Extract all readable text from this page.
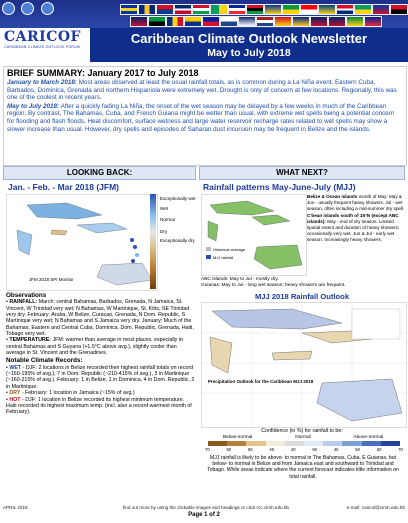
CARICOF
CARIBBEAN CLIMATE OUTLOOK FORUM
Caribbean Climate Outlook Newsletter
May to July 2018
BRIEF SUMMARY: January 2017 to July 2018

January to March 2018: Most areas observed at least the usual rainfall totals, as is common during a La Niña event. Eastern Cuba, Barbados, Dominica, Grenada and northern Hispaniola were extremely wet. Drought is only of concern at few locations. Regionally, this was one of the coolest in recent years.

May to July 2018: After a quickly fading La Niña, the onset of the wet season may be delayed by a few weeks in much of the Caribbean region. By contrast, The Bahamas, Cuba, and French Guiana might be wetter than usual, with extreme wet spells being a potential concern for flooding and flash floods. Heat discomfort, surface wetness and large water reservoir recharge rates related to wet spells may show a slower increase than usual. However, dry spells and episodes of Saharan dust incursion may be frequent in Belize and the islands.

LOOKING BACK:	WHAT NEXT?
Jan. - Feb. - Mar 2018 (JFM)
JFM 2018 SPI Monitor
Exceptionally wet
Wet
Normal
Dry
Exceptionally dry
Observations
• RAINFALL: March: central Bahamas, Barbados, Grenada, N Jamaica, St. Vincent, W Trinidad very wet; N Bahamas, W Martinique, St. Kitts, SE Trinidad very dry. February: Aruba, W Belize, Curacao, Grenada, N Dom. Republic, S Martinique very wet; N Bahamas and S Jamaica very dry. January: Much of the Bahamas, Eastern and Central Cuba, Dominica, Dom. Republic, Grenada, Haiti, Tobago very wet.
• TEMPERATURE: JFM: warmer than average in most places, especially in central Bahamas and S Guyana (+1.5°C above avg.), slightly cooler than average in St. Vincent and the Grenadines.
Notable Climate Records:
• WET - DJF: 2 locations in Belize recorded their highest rainfall totals on record (~160-195% of avg.), 7 in Dom. Republic (~210-415% of avg.), 3 in Martinique (~160-215% of avg.). February: 1 in Belize, 1 in Dominica, 4 in Dom. Republic, 2 in Martinique.
• DRY - February: 1 location in Jamaica (~15% of avg.)
• HOT - DJF: 1 location in Belize recorded its highest minimum temperature. Haiti recorded its highest maximum temp. (incl. also a record warmest month of February).
Rainfall patterns May-June-July (MJJ)
Historical average
MJJ rainfall
Belize & Ocean islands month of May: May & Jun - usually frequent heavy showers. Jul - wet season, often including a mid-summer dry spell.
C'bean islands south of 15°N (except ABC islands): May - end of dry season. Limited spatial extent and duration of heavy showers; occasionally very wet. Jun & Jul - early wet season. Increasingly heavy showers.
ABC islands: May to Jul - mostly dry.
Guianas: May to Jul - long wet season; heavy showers are frequent.
MJJ 2018 Rainfall Outlook
Precipitation Outlook for the Caribbean MJJ 2018
Confidence (in %) for rainfall to be:
Below-normal	Normal	Above-normal
70	60	50	40	40	50	40	50	60	70
MJJ rainfall is likely to be above- to normal in The Bahamas, Cuba, E Guianas, but below- to normal in Belize and from Jamaica east and southward to Trinidad and Tobago. While areas indicate where the current forecast indicates little information on total rainfall.
APRIL 2018	find out more by using the clickable images and headings or click rcc.cimh.edu.bb	e-mail: caricof@cimh.edu.bb
Page 1 of 2
